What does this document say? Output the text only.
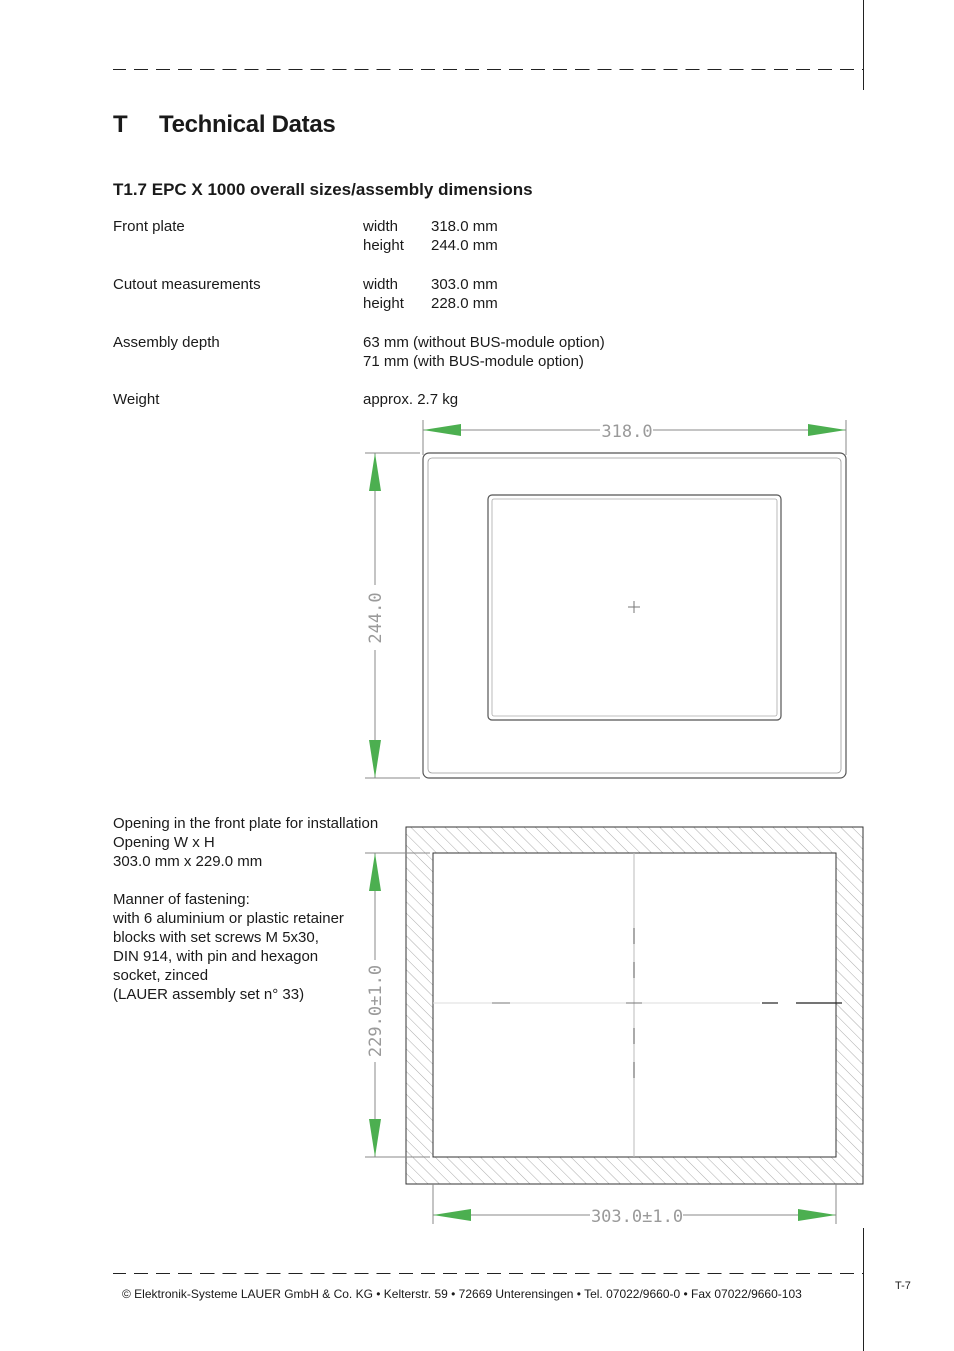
T Technical Datas
T1.7 EPC X 1000 overall sizes/assembly dimensions
Front plate	width 318.0 mm
height 244.0 mm
Cutout measurements	width 303.0 mm
height 228.0 mm
Assembly depth	63 mm (without BUS-module option)
71 mm (with BUS-module option)
Weight	approx. 2.7 kg
318.0
244.0
Opening in the front plate for installation
Opening W x H
303.0 mm x 229.0 mm
Manner of fastening:
with 6 aluminium or plastic retainer
blocks with set screws M 5x30,
DIN 914, with pin and hexagon
socket, zinced
(LAUER assembly set n° 33)	229.0±1.0
303.0±1.0
© Elektronik-Systeme LAUER GmbH & Co. KG • Kelterstr. 59 • 72669 Unterensingen • Tel. 07022/9660-0 • Fax 07022/9660-103
T-7
